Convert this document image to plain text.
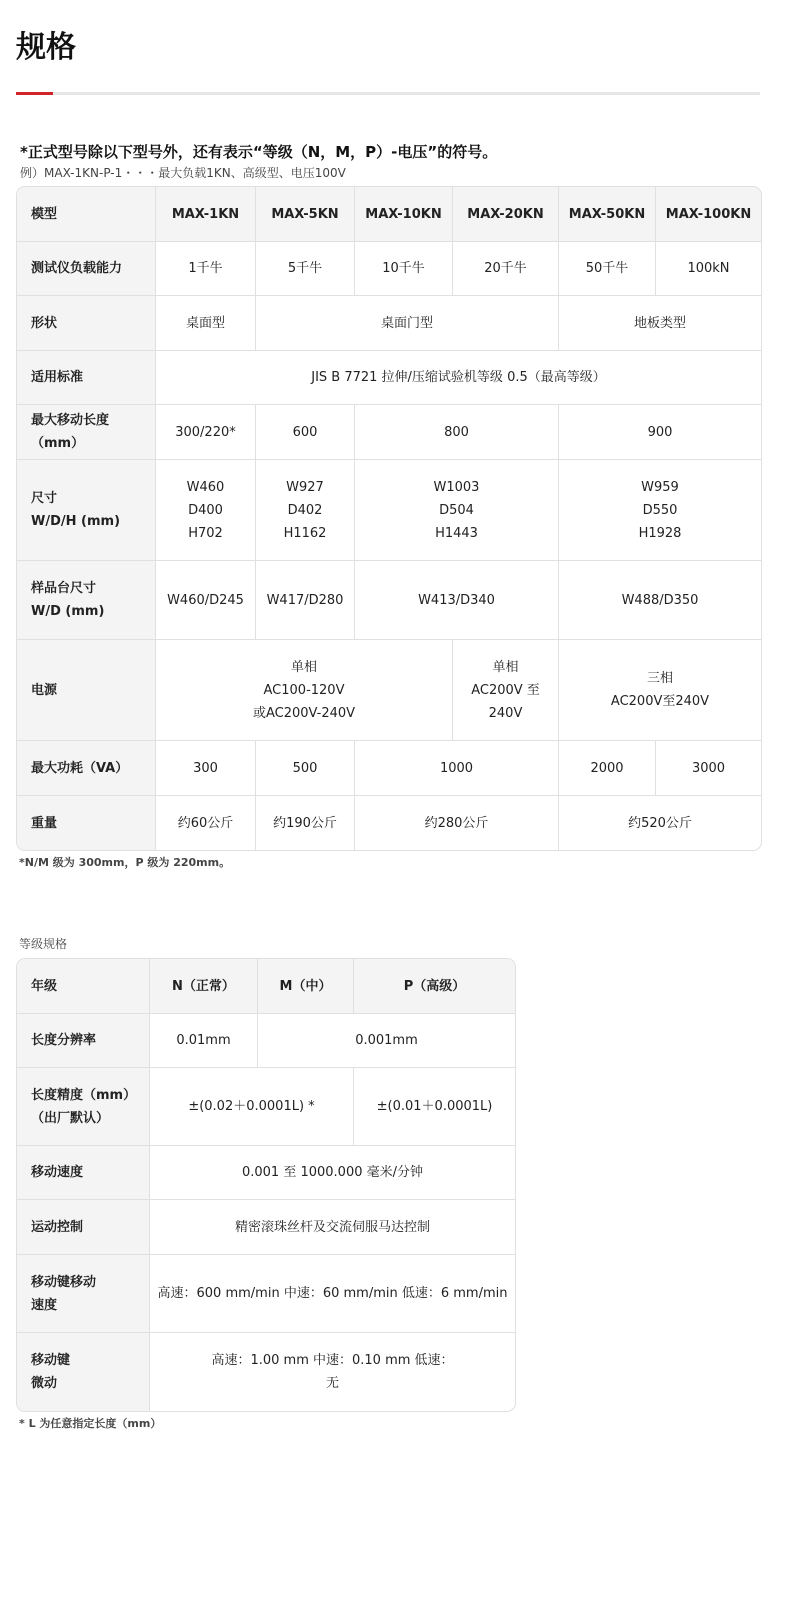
规格

*正式型号除以下型号外，还有表示“等级（N，M，P）-电压”的符号。

例）MAX-1KN-P-1・・・最大负载1KN、高级型、电压100V

模型	MAX-1KN	MAX-5KN	MAX-10KN	MAX-20KN	MAX-50KN	MAX-100KN
测试仪负载能力	1千牛	5千牛	10千牛	20千牛	50千牛	100kN
形状	桌面型	桌面门型			地板类型	
适用标准	JIS B 7721 拉伸/压缩试验机等级 0.5（最高等级）					
最大移动长度（mm）	300/220*	600	800		900	

尺寸
W/D/H (mm)	W460
D400
H702	W927
D402
H1162	W1003
D504
H1443		W959
D550
H1928	

样品台尺寸
W/D (mm)	W460/D245	W417/D280	W413/D340		W488/D350	
电源	单相
AC100-120V
或AC200V-240V			单相
AC200V 至
240V	三相
AC200V至240V	

最大功耗（VA）	300	500	1000		2000	3000
重量	约60公斤	约190公斤	约280公斤		约520公斤	

*N/M 级为 300mm，P 级为 220mm。

等级规格

年级	N（正常）	M（中）	P（高级）
长度分辨率	0.01mm	0.001mm	

长度精度（mm）
（出厂默认）	±(0.02＋0.0001L) *		±(0.01＋0.0001L)
移动速度	0.001 至 1000.000 毫米/分钟		
运动控制	精密滚珠丝杆及交流伺服马达控制		

移动键移动
速度	高速：600 mm/min 中速：60 mm/min 低速：6 mm/min		

移动键
微动	高速：1.00 mm 中速：0.10 mm 低速：
无		

* L 为任意指定长度（mm）
